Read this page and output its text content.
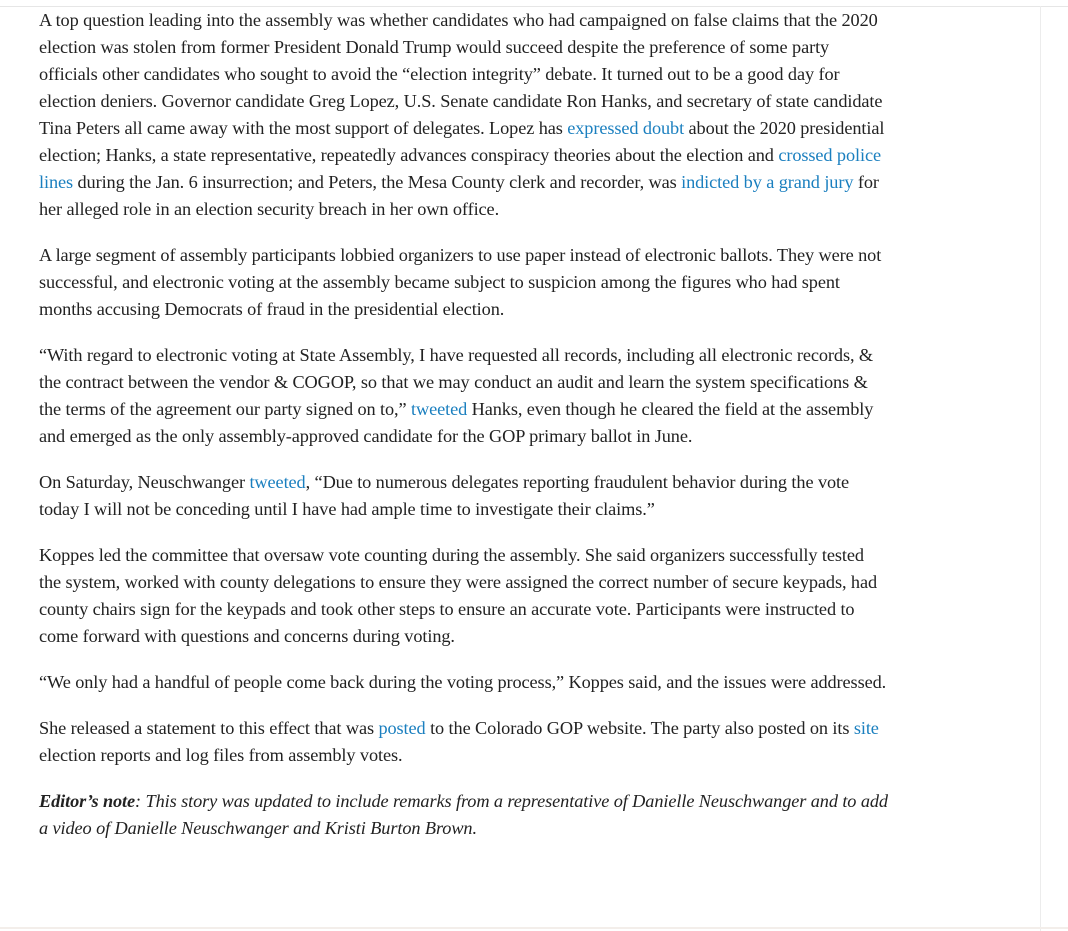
A top question leading into the assembly was whether candidates who had campaigned on false claims that the 2020 election was stolen from former President Donald Trump would succeed despite the preference of some party officials other candidates who sought to avoid the “election integrity” debate. It turned out to be a good day for election deniers. Governor candidate Greg Lopez, U.S. Senate candidate Ron Hanks, and secretary of state candidate Tina Peters all came away with the most support of delegates. Lopez has expressed doubt about the 2020 presidential election; Hanks, a state representative, repeatedly advances conspiracy theories about the election and crossed police lines during the Jan. 6 insurrection; and Peters, the Mesa County clerk and recorder, was indicted by a grand jury for her alleged role in an election security breach in her own office.

A large segment of assembly participants lobbied organizers to use paper instead of electronic ballots. They were not successful, and electronic voting at the assembly became subject to suspicion among the figures who had spent months accusing Democrats of fraud in the presidential election.

“With regard to electronic voting at State Assembly, I have requested all records, including all electronic records, & the contract between the vendor & COGOP, so that we may conduct an audit and learn the system specifications & the terms of the agreement our party signed on to,” tweeted Hanks, even though he cleared the field at the assembly and emerged as the only assembly-approved candidate for the GOP primary ballot in June.

On Saturday, Neuschwanger tweeted, “Due to numerous delegates reporting fraudulent behavior during the vote today I will not be conceding until I have had ample time to investigate their claims.”

Koppes led the committee that oversaw vote counting during the assembly. She said organizers successfully tested the system, worked with county delegations to ensure they were assigned the correct number of secure keypads, had county chairs sign for the keypads and took other steps to ensure an accurate vote. Participants were instructed to come forward with questions and concerns during voting.

“We only had a handful of people come back during the voting process,” Koppes said, and the issues were addressed.

She released a statement to this effect that was posted to the Colorado GOP website. The party also posted on its site election reports and log files from assembly votes.

Editor’s note: This story was updated to include remarks from a representative of Danielle Neuschwanger and to add a video of Danielle Neuschwanger and Kristi Burton Brown.
